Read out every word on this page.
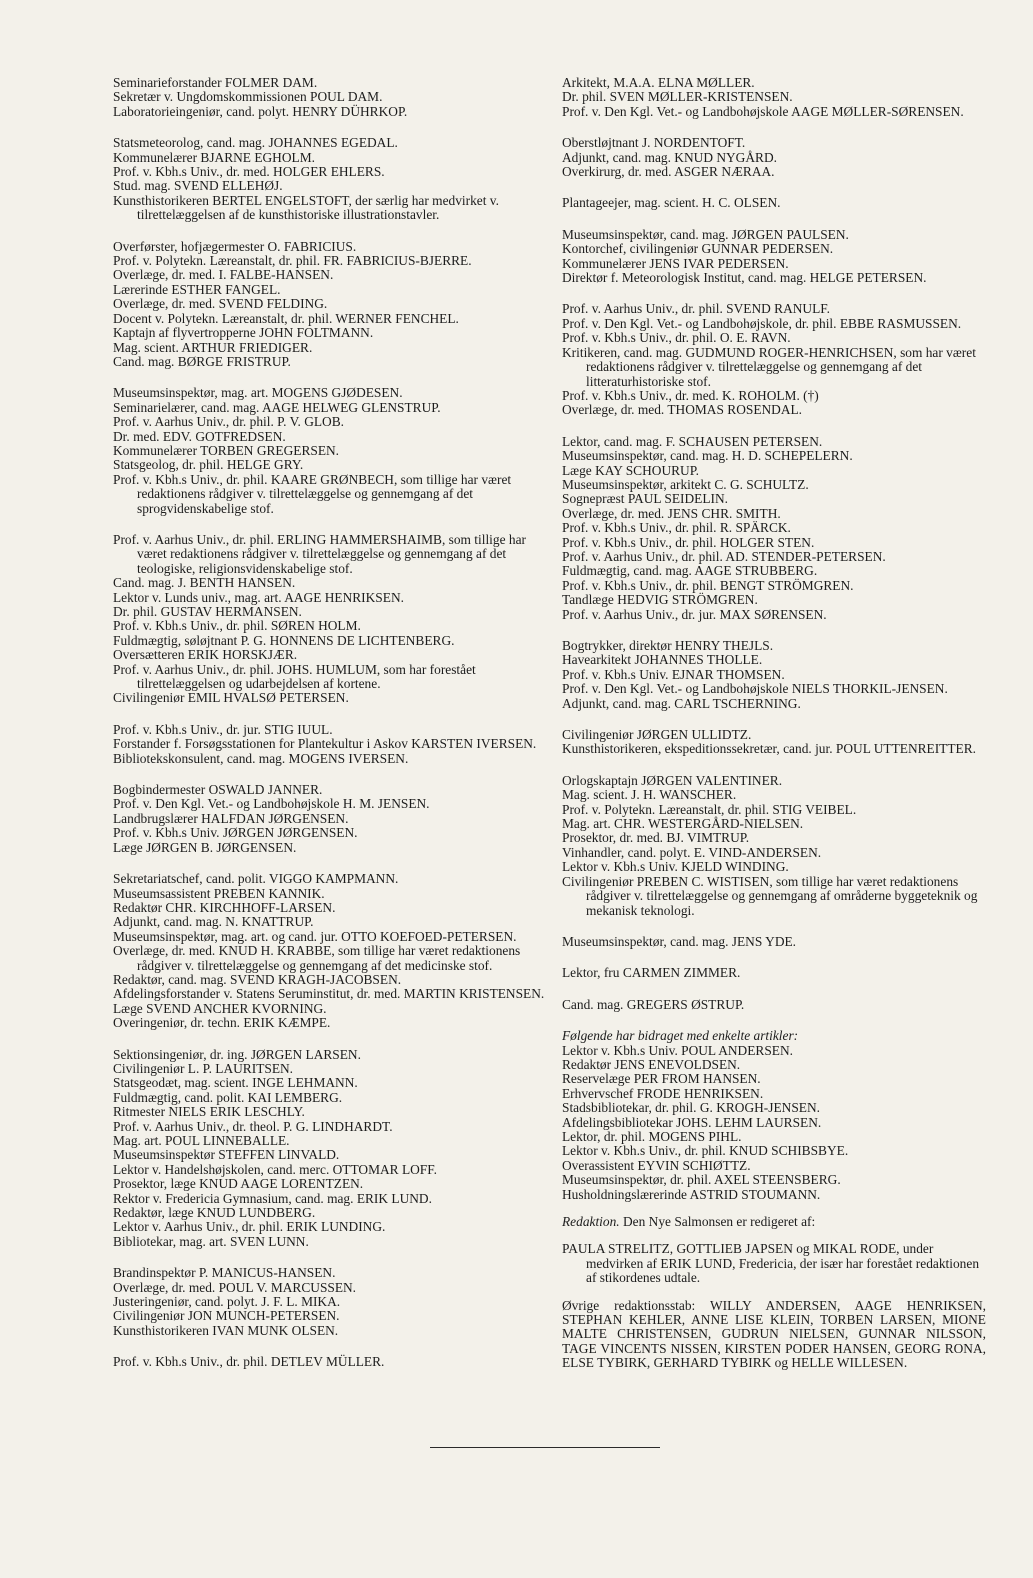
Seminarieforstander FOLMER DAM.
Sekretær v. Ungdomskommissionen POUL DAM.
Laboratorieingeniør, cand. polyt. HENRY DÜHRKOP.
Statsmeteorolog, cand. mag. JOHANNES EGEDAL.
Kommunelærer BJARNE EGHOLM.
Prof. v. Kbh.s Univ., dr. med. HOLGER EHLERS.
Stud. mag. SVEND ELLEHØJ.
Kunsthistorikeren BERTEL ENGELSTOFT, der særlig har medvirket v. tilrettelæggelsen af de kunsthistoriske illustrationstavler.
Overførster, hofjægermester O. FABRICIUS.
Prof. v. Polytekn. Læreanstalt, dr. phil. FR. FABRICIUS-BJERRE.
Overlæge, dr. med. I. FALBE-HANSEN.
Lærerinde ESTHER FANGEL.
Overlæge, dr. med. SVEND FELDING.
Docent v. Polytekn. Læreanstalt, dr. phil. WERNER FENCHEL.
Kaptajn af flyvertropperne JOHN FOLTMANN.
Mag. scient. ARTHUR FRIEDIGER.
Cand. mag. BØRGE FRISTRUP.
Museumsinspektør, mag. art. MOGENS GJØDESEN.
Seminarielærer, cand. mag. AAGE HELWEG GLENSTRUP.
Prof. v. Aarhus Univ., dr. phil. P. V. GLOB.
Dr. med. EDV. GOTFREDSEN.
Kommunelærer TORBEN GREGERSEN.
Statsgeolog, dr. phil. HELGE GRY.
Prof. v. Kbh.s Univ., dr. phil. KAARE GRØNBECH, som tillige har været redaktionens rådgiver v. tilrettelæggelse og gennemgang af det sprogvidenskabelige stof.
Prof. v. Aarhus Univ., dr. phil. ERLING HAMMERSHAIMB, som tillige har været redaktionens rådgiver v. tilrettelæggelse og gennemgang af det teologiske, religionsvidenskabelige stof.
Cand. mag. J. BENTH HANSEN.
Lektor v. Lunds univ., mag. art. AAGE HENRIKSEN.
Dr. phil. GUSTAV HERMANSEN.
Prof. v. Kbh.s Univ., dr. phil. SØREN HOLM.
Fuldmægtig, søløjtnant P. G. HONNENS DE LICHTENBERG.
Oversætteren ERIK HORSKJÆR.
Prof. v. Aarhus Univ., dr. phil. JOHS. HUMLUM, som har forestået tilrettelæggelsen og udarbejdelsen af kortene.
Civilingeniør EMIL HVALSØ PETERSEN.
Prof. v. Kbh.s Univ., dr. jur. STIG IUUL.
Forstander f. Forsøgsstationen for Plantekultur i Askov KARSTEN IVERSEN.
Bibliotekskonsulent, cand. mag. MOGENS IVERSEN.
Bogbindermester OSWALD JANNER.
Prof. v. Den Kgl. Vet.- og Landbohøjskole H. M. JENSEN.
Landbrugslærer HALFDAN JØRGENSEN.
Prof. v. Kbh.s Univ. JØRGEN JØRGENSEN.
Læge JØRGEN B. JØRGENSEN.
Sekretariatschef, cand. polit. VIGGO KAMPMANN.
Museumsassistent PREBEN KANNIK.
Redaktør CHR. KIRCHHOFF-LARSEN.
Adjunkt, cand. mag. N. KNATTRUP.
Museumsinspektør, mag. art. og cand. jur. OTTO KOEFOED-PETERSEN.
Overlæge, dr. med. KNUD H. KRABBE, som tillige har været redaktionens rådgiver v. tilrettelæggelse og gennemgang af det medicinske stof.
Redaktør, cand. mag. SVEND KRAGH-JACOBSEN.
Afdelingsforstander v. Statens Seruminstitut, dr. med. MARTIN KRISTENSEN.
Læge SVEND ANCHER KVORNING.
Overingeniør, dr. techn. ERIK KÆMPE.
Sektionsingeniør, dr. ing. JØRGEN LARSEN.
Civilingeniør L. P. LAURITSEN.
Statsgeodæt, mag. scient. INGE LEHMANN.
Fuldmægtig, cand. polit. KAI LEMBERG.
Ritmester NIELS ERIK LESCHLY.
Prof. v. Aarhus Univ., dr. theol. P. G. LINDHARDT.
Mag. art. POUL LINNEBALLE.
Museumsinspektør STEFFEN LINVALD.
Lektor v. Handelshøjskolen, cand. merc. OTTOMAR LOFF.
Prosektor, læge KNUD AAGE LORENTZEN.
Rektor v. Fredericia Gymnasium, cand. mag. ERIK LUND.
Redaktør, læge KNUD LUNDBERG.
Lektor v. Aarhus Univ., dr. phil. ERIK LUNDING.
Bibliotekar, mag. art. SVEN LUNN.
Brandinspektør P. MANICUS-HANSEN.
Overlæge, dr. med. POUL V. MARCUSSEN.
Justeringeniør, cand. polyt. J. F. L. MIKA.
Civilingeniør JON MUNCH-PETERSEN.
Kunsthistorikeren IVAN MUNK OLSEN.
Prof. v. Kbh.s Univ., dr. phil. DETLEV MÜLLER.
Arkitekt, M.A.A. ELNA MØLLER.
Dr. phil. SVEN MØLLER-KRISTENSEN.
Prof. v. Den Kgl. Vet.- og Landbohøjskole AAGE MØLLER-SØRENSEN.
Oberstløjtnant J. NORDENTOFT.
Adjunkt, cand. mag. KNUD NYGÅRD.
Overkirurg, dr. med. ASGER NÆRAA.
Plantageejer, mag. scient. H. C. OLSEN.
Museumsinspektør, cand. mag. JØRGEN PAULSEN.
Kontorchef, civilingeniør GUNNAR PEDERSEN.
Kommunelærer JENS IVAR PEDERSEN.
Direktør f. Meteorologisk Institut, cand. mag. HELGE PETERSEN.
Prof. v. Aarhus Univ., dr. phil. SVEND RANULF.
Prof. v. Den Kgl. Vet.- og Landbohøjskole, dr. phil. EBBE RASMUSSEN.
Prof. v. Kbh.s Univ., dr. phil. O. E. RAVN.
Kritikeren, cand. mag. GUDMUND ROGER-HENRICHSEN, som har været redaktionens rådgiver v. tilrettelæggelse og gennemgang af det litteraturhistoriske stof.
Prof. v. Kbh.s Univ., dr. med. K. ROHOLM. (†)
Overlæge, dr. med. THOMAS ROSENDAL.
Lektor, cand. mag. F. SCHAUSEN PETERSEN.
Museumsinspektør, cand. mag. H. D. SCHEPELERN.
Læge KAY SCHOURUP.
Museumsinspektør, arkitekt C. G. SCHULTZ.
Sognepræst PAUL SEIDELIN.
Overlæge, dr. med. JENS CHR. SMITH.
Prof. v. Kbh.s Univ., dr. phil. R. SPÄRCK.
Prof. v. Kbh.s Univ., dr. phil. HOLGER STEN.
Prof. v. Aarhus Univ., dr. phil. AD. STENDER-PETERSEN.
Fuldmægtig, cand. mag. AAGE STRUBBERG.
Prof. v. Kbh.s Univ., dr. phil. BENGT STRÖMGREN.
Tandlæge HEDVIG STRÖMGREN.
Prof. v. Aarhus Univ., dr. jur. MAX SØRENSEN.
Bogtrykker, direktør HENRY THEJLS.
Havearkitekt JOHANNES THOLLE.
Prof. v. Kbh.s Univ. EJNAR THOMSEN.
Prof. v. Den Kgl. Vet.- og Landbohøjskole NIELS THORKIL-JENSEN.
Adjunkt, cand. mag. CARL TSCHERNING.
Civilingeniør JØRGEN ULLIDTZ.
Kunsthistorikeren, ekspeditionssekretær, cand. jur. POUL UTTENREITTER.
Orlogskaptajn JØRGEN VALENTINER.
Mag. scient. J. H. WANSCHER.
Prof. v. Polytekn. Læreanstalt, dr. phil. STIG VEIBEL.
Mag. art. CHR. WESTERGÅRD-NIELSEN.
Prosektor, dr. med. BJ. VIMTRUP.
Vinhandler, cand. polyt. E. VIND-ANDERSEN.
Lektor v. Kbh.s Univ. KJELD WINDING.
Civilingeniør PREBEN C. WISTISEN, som tillige har været redaktionens rådgiver v. tilrettelæggelse og gennemgang af områderne byggeteknik og mekanisk teknologi.
Museumsinspektør, cand. mag. JENS YDE.
Lektor, fru CARMEN ZIMMER.
Cand. mag. GREGERS ØSTRUP.
Følgende har bidraget med enkelte artikler:
Lektor v. Kbh.s Univ. POUL ANDERSEN.
Redaktør JENS ENEVOLDSEN.
Reservelæge PER FROM HANSEN.
Erhvervschef FRODE HENRIKSEN.
Stadsbibliotekar, dr. phil. G. KROGH-JENSEN.
Afdelingsbibliotekar JOHS. LEHM LAURSEN.
Lektor, dr. phil. MOGENS PIHL.
Lektor v. Kbh.s Univ., dr. phil. KNUD SCHIBSBYE.
Overassistent EYVIN SCHIØTTZ.
Museumsinspektør, dr. phil. AXEL STEENSBERG.
Husholdningslærerinde ASTRID STOUMANN.
Redaktion. Den Nye Salmonsen er redigeret af:
PAULA STRELITZ, GOTTLIEB JAPSEN og MIKAL RODE, under medvirken af ERIK LUND, Fredericia, der især har forestået redaktionen af stikordenes udtale.
Øvrige redaktionsstab: WILLY ANDERSEN, AAGE HENRIKSEN, STEPHAN KEHLER, ANNE LISE KLEIN, TORBEN LARSEN, MIONE MALTE CHRISTENSEN, GUDRUN NIELSEN, GUNNAR NILSSON, TAGE VINCENTS NISSEN, KIRSTEN PODER HANSEN, GEORG RONA, ELSE TYBIRK, GERHARD TYBIRK og HELLE WILLESEN.
